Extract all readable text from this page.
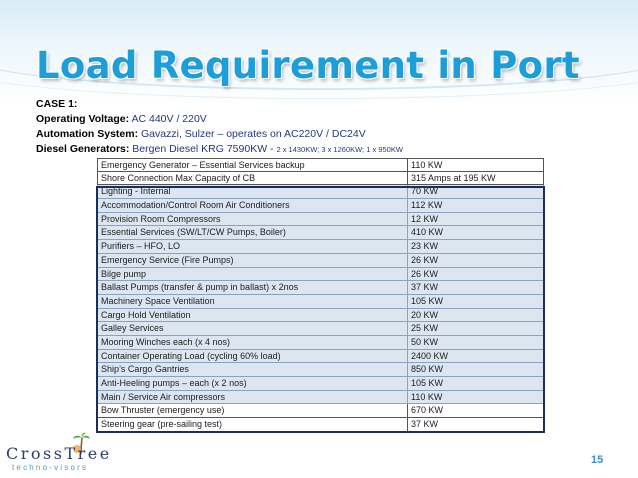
Load Requirement in Port
CASE 1:
Operating Voltage: AC 440V / 220V
Automation System: Gavazzi, Sulzer – operates on AC220V / DC24V
Diesel Generators: Bergen Diesel KRG 7590KW - 2 x 1430KW; 3 x 1260KW; 1 x 950KW
Emergency Generator – Essential Services backup	110 KW
Shore Connection Max Capacity of CB	315 Amps at 195 KW
Lighting - Internal	70 KW
Accommodation/Control Room Air Conditioners	112 KW
Provision Room Compressors	12 KW
Essential Services (SW/LT/CW Pumps, Boiler)	410 KW
Purifiers – HFO, LO	23 KW
Emergency Service (Fire Pumps)	26 KW
Bilge pump	26 KW
Ballast Pumps (transfer & pump in ballast) x 2nos	37 KW
Machinery Space Ventilation	105 KW
Cargo Hold Ventilation	20 KW
Galley Services	25 KW
Mooring Winches each (x 4 nos)	50 KW
Container Operating Load (cycling 60% load)	2400 KW
Ship’s Cargo Gantries	850 KW
Anti-Heeling pumps – each (x 2 nos)	105 KW
Main / Service Air compressors	110 KW
Bow Thruster (emergency use)	670 KW
Steering gear (pre-sailing test)	37 KW
CrossTree
techno-visors
15
